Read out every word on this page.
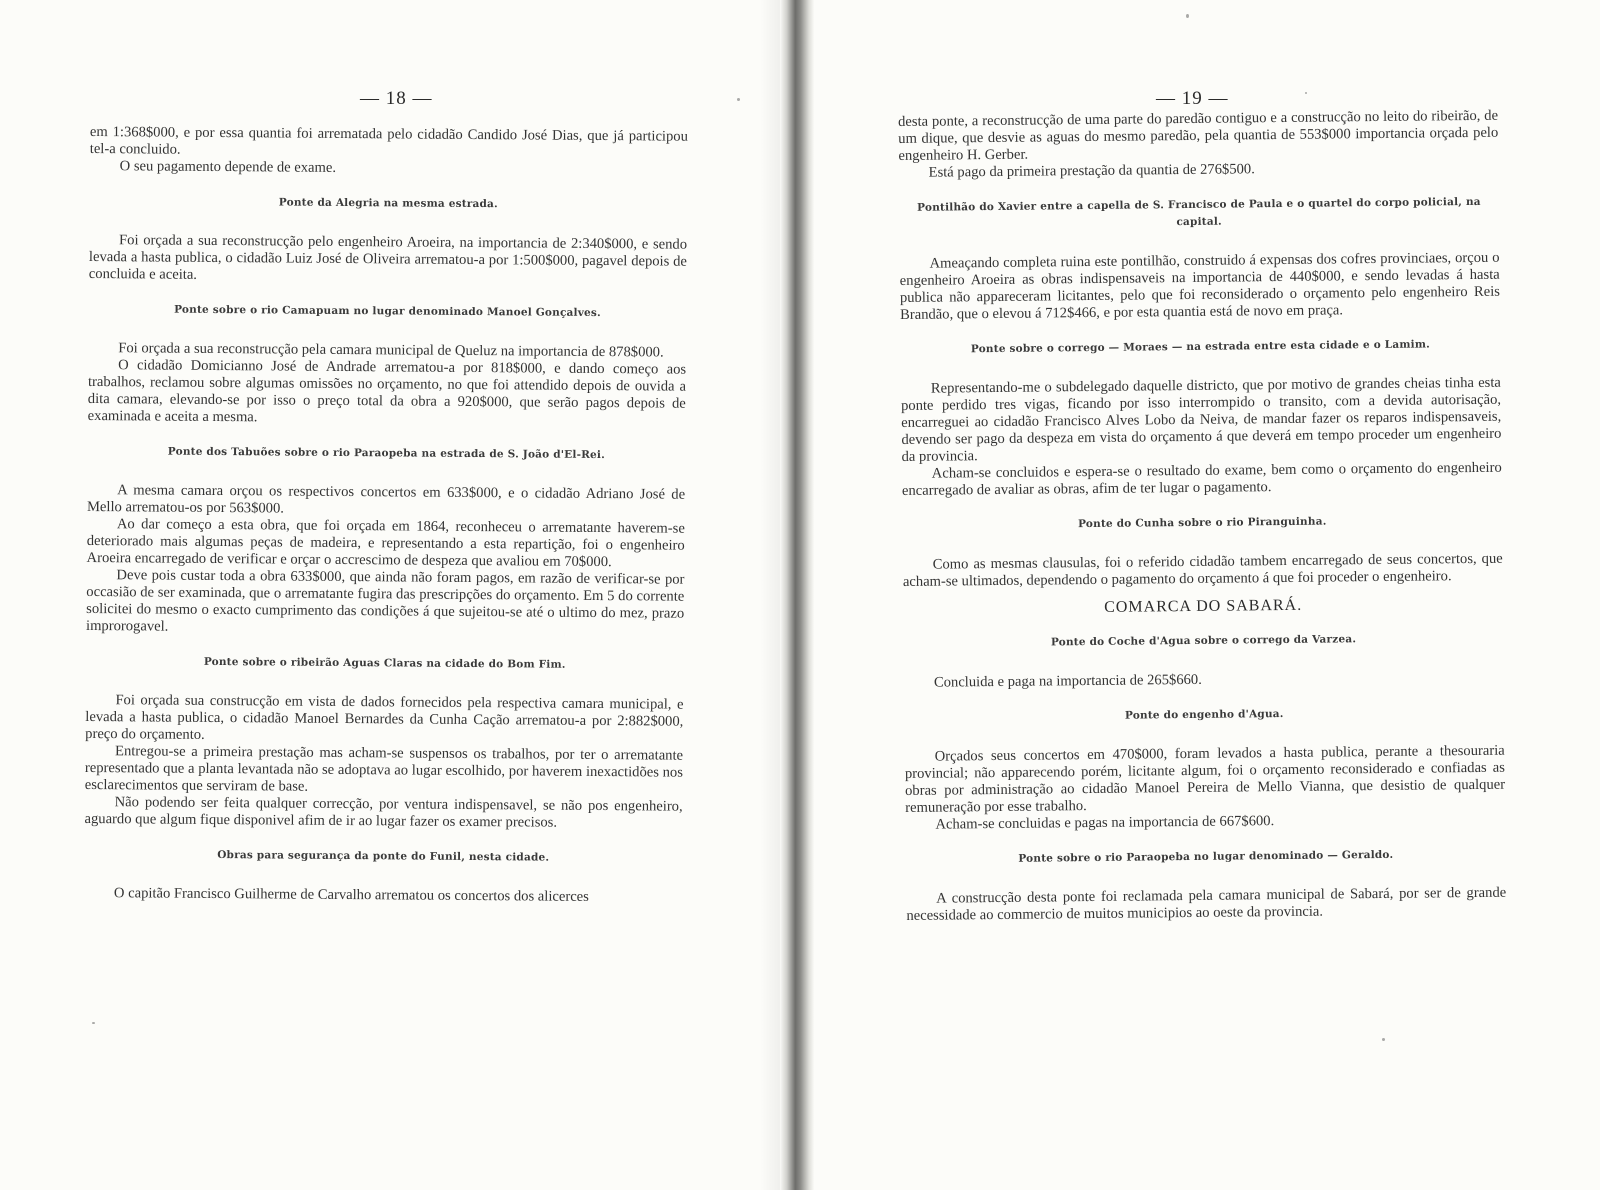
— 18 —
em 1:368$000, e por essa quantia foi arrematada pelo cidadão Candido José Dias, que já participou tel-a concluido.
O seu pagamento depende de exame.
Ponte da Alegria na mesma estrada.
Foi orçada a sua reconstrucção pelo engenheiro Aroeira, na importancia de 2:340$000, e sendo levada a hasta publica, o cidadão Luiz José de Oliveira arrematou-a por 1:500$000, pagavel depois de concluida e aceita.
Ponte sobre o rio Camapuam no lugar denominado Manoel Gonçalves.
Foi orçada a sua reconstrucção pela camara municipal de Queluz na importancia de 878$000.
O cidadão Domicianno José de Andrade arrematou-a por 818$000, e dando começo aos trabalhos, reclamou sobre algumas omissões no orçamento, no que foi attendido depois de ouvida a dita camara, elevando-se por isso o preço total da obra a 920$000, que serão pagos depois de examinada e aceita a mesma.
Ponte dos Tabuões sobre o rio Paraopeba na estrada de S. João d'El-Rei.
A mesma camara orçou os respectivos concertos em 633$000, e o cidadão Adriano José de Mello arrematou-os por 563$000.
Ao dar começo a esta obra, que foi orçada em 1864, reconheceu o arrematante haverem-se deteriorado mais algumas peças de madeira, e representando a esta repartição, foi o engenheiro Aroeira encarregado de verificar e orçar o accrescimo de despeza que avaliou em 70$000.
Deve pois custar toda a obra 633$000, que ainda não foram pagos, em razão de verificar-se por occasião de ser examinada, que o arrematante fugira das prescripções do orçamento. Em 5 do corrente solicitei do mesmo o exacto cumprimento das condições á que sujeitou-se até o ultimo do mez, prazo improrogavel.
Ponte sobre o ribeirão Aguas Claras na cidade do Bom Fim.
Foi orçada sua construcção em vista de dados fornecidos pela respectiva camara municipal, e levada a hasta publica, o cidadão Manoel Bernardes da Cunha Cação arrematou-a por 2:882$000, preço do orçamento.
Entregou-se a primeira prestação mas acham-se suspensos os trabalhos, por ter o arrematante representado que a planta levantada não se adoptava ao lugar escolhido, por haverem inexactidões nos esclarecimentos que serviram de base.
Não podendo ser feita qualquer correcção, por ventura indispensavel, se não pos engenheiro, aguardo que algum fique disponivel afim de ir ao lugar fazer os examer precisos.
Obras para segurança da ponte do Funil, nesta cidade.
O capitão Francisco Guilherme de Carvalho arrematou os concertos dos alicerces
— 19 —
desta ponte, a reconstrucção de uma parte do paredão contiguo e a construcção no leito do ribeirão, de um dique, que desvie as aguas do mesmo paredão, pela quantia de 553$000 importancia orçada pelo engenheiro H. Gerber.
Está pago da primeira prestação da quantia de 276$500.
Pontilhão do Xavier entre a capella de S. Francisco de Paula e o quartel do corpo policial, na capital.
Ameaçando completa ruina este pontilhão, construido á expensas dos cofres provinciaes, orçou o engenheiro Aroeira as obras indispensaveis na importancia de 440$000, e sendo levadas á hasta publica não appareceram licitantes, pelo que foi reconsiderado o orçamento pelo engenheiro Reis Brandão, que o elevou á 712$466, e por esta quantia está de novo em praça.
Ponte sobre o corrego — Moraes — na estrada entre esta cidade e o Lamim.
Representando-me o subdelegado daquelle districto, que por motivo de grandes cheias tinha esta ponte perdido tres vigas, ficando por isso interrompido o transito, com a devida autorisação, encarreguei ao cidadão Francisco Alves Lobo da Neiva, de mandar fazer os reparos indispensaveis, devendo ser pago da despeza em vista do orçamento á que deverá em tempo proceder um engenheiro da provincia.
Acham-se concluidos e espera-se o resultado do exame, bem como o orçamento do engenheiro encarregado de avaliar as obras, afim de ter lugar o pagamento.
Ponte do Cunha sobre o rio Piranguinha.
Como as mesmas clausulas, foi o referido cidadão tambem encarregado de seus concertos, que acham-se ultimados, dependendo o pagamento do orçamento á que foi proceder o engenheiro.
COMARCA DO SABARÁ.
Ponte do Coche d'Agua sobre o corrego da Varzea.
Concluida e paga na importancia de 265$660.
Ponte do engenho d'Agua.
Orçados seus concertos em 470$000, foram levados a hasta publica, perante a thesouraria provincial; não apparecendo porém, licitante algum, foi o orçamento reconsiderado e confiadas as obras por administração ao cidadão Manoel Pereira de Mello Vianna, que desistio de qualquer remuneração por esse trabalho.
Acham-se concluidas e pagas na importancia de 667$600.
Ponte sobre o rio Paraopeba no lugar denominado — Geraldo.
A construcção desta ponte foi reclamada pela camara municipal de Sabará, por ser de grande necessidade ao commercio de muitos municipios ao oeste da provincia.
